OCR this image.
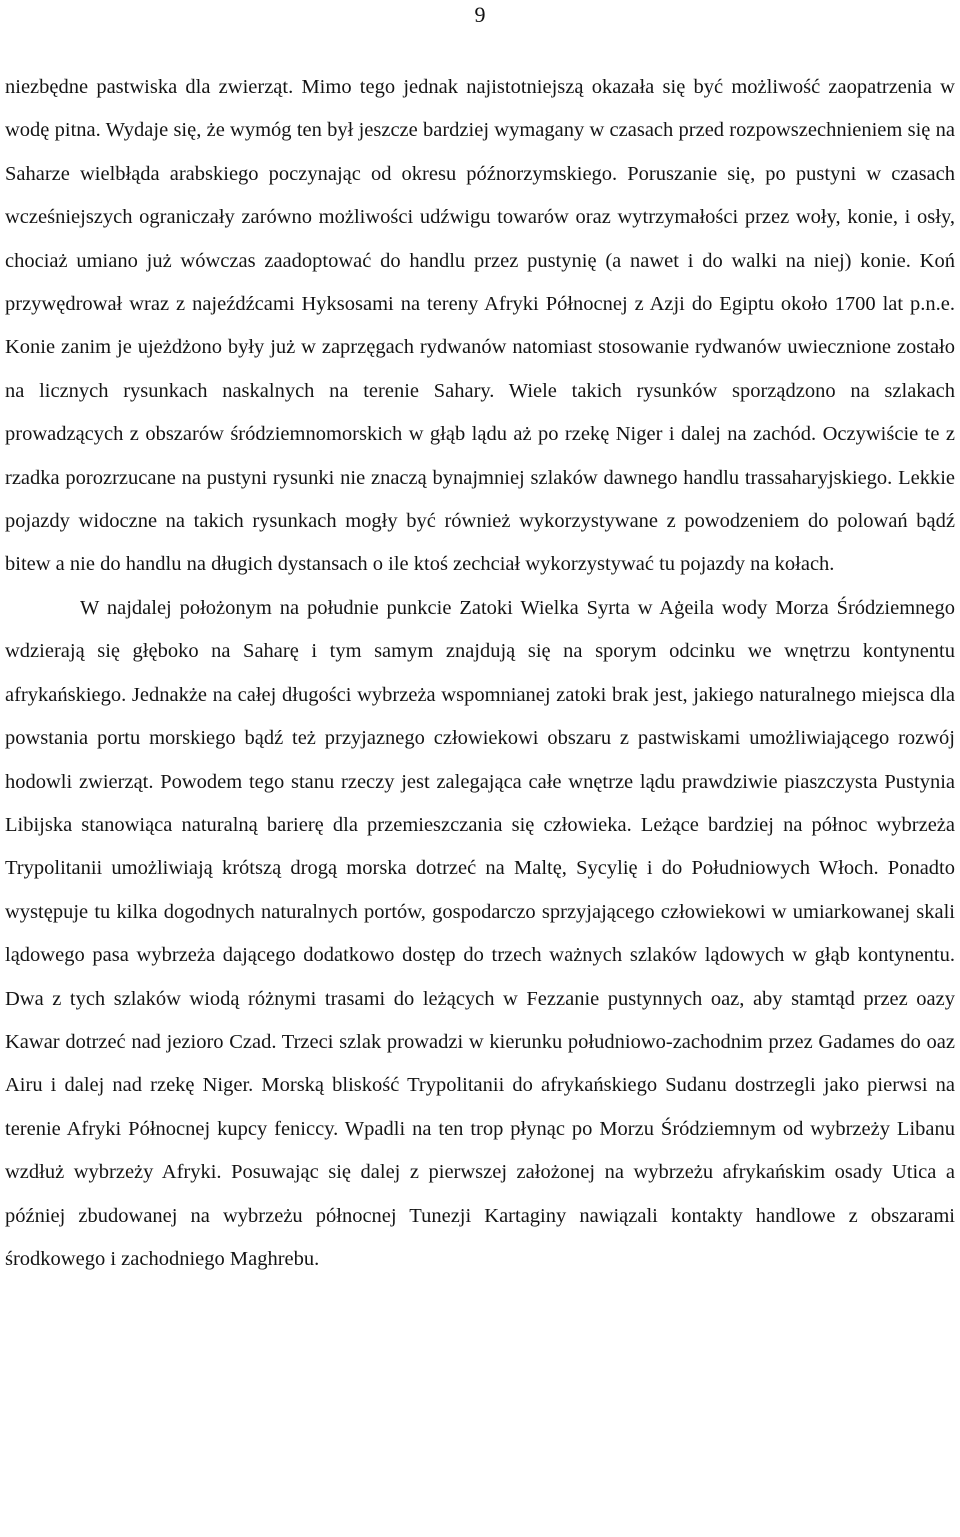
9

niezbędne pastwiska dla zwierząt. Mimo tego jednak najistotniejszą okazała się być możliwość zaopatrzenia w wodę pitna. Wydaje się, że wymóg ten był jeszcze bardziej wymagany w czasach przed rozpowszechnieniem się na Saharze wielbłąda arabskiego poczynając od okresu późnorzymskiego. Poruszanie się, po pustyni w czasach wcześniejszych ograniczały zarówno możliwości udźwigu towarów oraz wytrzymałości przez woły, konie, i osły, chociaż umiano już wówczas zaadoptować do handlu przez pustynię (a nawet i do walki na niej) konie. Koń przywędrował wraz z najeźdźcami Hyksosami na tereny Afryki Północnej z Azji do Egiptu około 1700 lat p.n.e. Konie zanim je ujeżdżono były już w zaprzęgach rydwanów natomiast stosowanie rydwanów uwiecznione zostało na licznych rysunkach naskalnych na terenie Sahary. Wiele takich rysunków sporządzono na szlakach prowadzących z obszarów śródziemnomorskich w głąb lądu aż po rzekę Niger i dalej na zachód. Oczywiście te z rzadka porozrzucane na pustyni rysunki nie znaczą bynajmniej szlaków dawnego handlu trassaharyjskiego. Lekkie pojazdy widoczne na takich rysunkach mogły być również wykorzystywane z powodzeniem do polowań bądź bitew a nie do handlu na długich dystansach o ile ktoś zechciał wykorzystywać tu pojazdy na kołach.

W najdalej położonym na południe punkcie Zatoki Wielka Syrta w Aġeila wody Morza Śródziemnego wdzierają się głęboko na Saharę i tym samym znajdują się na sporym odcinku we wnętrzu kontynentu afrykańskiego. Jednakże na całej długości wybrzeża wspomnianej zatoki brak jest, jakiego naturalnego miejsca dla powstania portu morskiego bądź też przyjaznego człowiekowi obszaru z pastwiskami umożliwiającego rozwój hodowli zwierząt. Powodem tego stanu rzeczy jest zalegająca całe wnętrze lądu prawdziwie piaszczysta Pustynia Libijska stanowiąca naturalną barierę dla przemieszczania się człowieka. Leżące bardziej na północ wybrzeża Trypolitanii umożliwiają krótszą drogą morska dotrzeć na Maltę, Sycylię i do Południowych Włoch. Ponadto występuje tu kilka dogodnych naturalnych portów, gospodarczo sprzyjającego człowiekowi w umiarkowanej skali lądowego pasa wybrzeża dającego dodatkowo dostęp do trzech ważnych szlaków lądowych w głąb kontynentu. Dwa z tych szlaków wiodą różnymi trasami do leżących w Fezzanie pustynnych oaz, aby stamtąd przez oazy Kawar dotrzeć nad jezioro Czad. Trzeci szlak prowadzi w kierunku południowo-zachodnim przez Gadames do oaz Airu i dalej nad rzekę Niger. Morską bliskość Trypolitanii do afrykańskiego Sudanu dostrzegli jako pierwsi na terenie Afryki Północnej kupcy feniccy. Wpadli na ten trop płynąc po Morzu Śródziemnym od wybrzeży Libanu wzdłuż wybrzeży Afryki. Posuwając się dalej z pierwszej założonej na wybrzeżu afrykańskim osady Utica a później zbudowanej na wybrzeżu północnej Tunezji Kartaginy nawiązali kontakty handlowe z obszarami środkowego i zachodniego Maghrebu.
